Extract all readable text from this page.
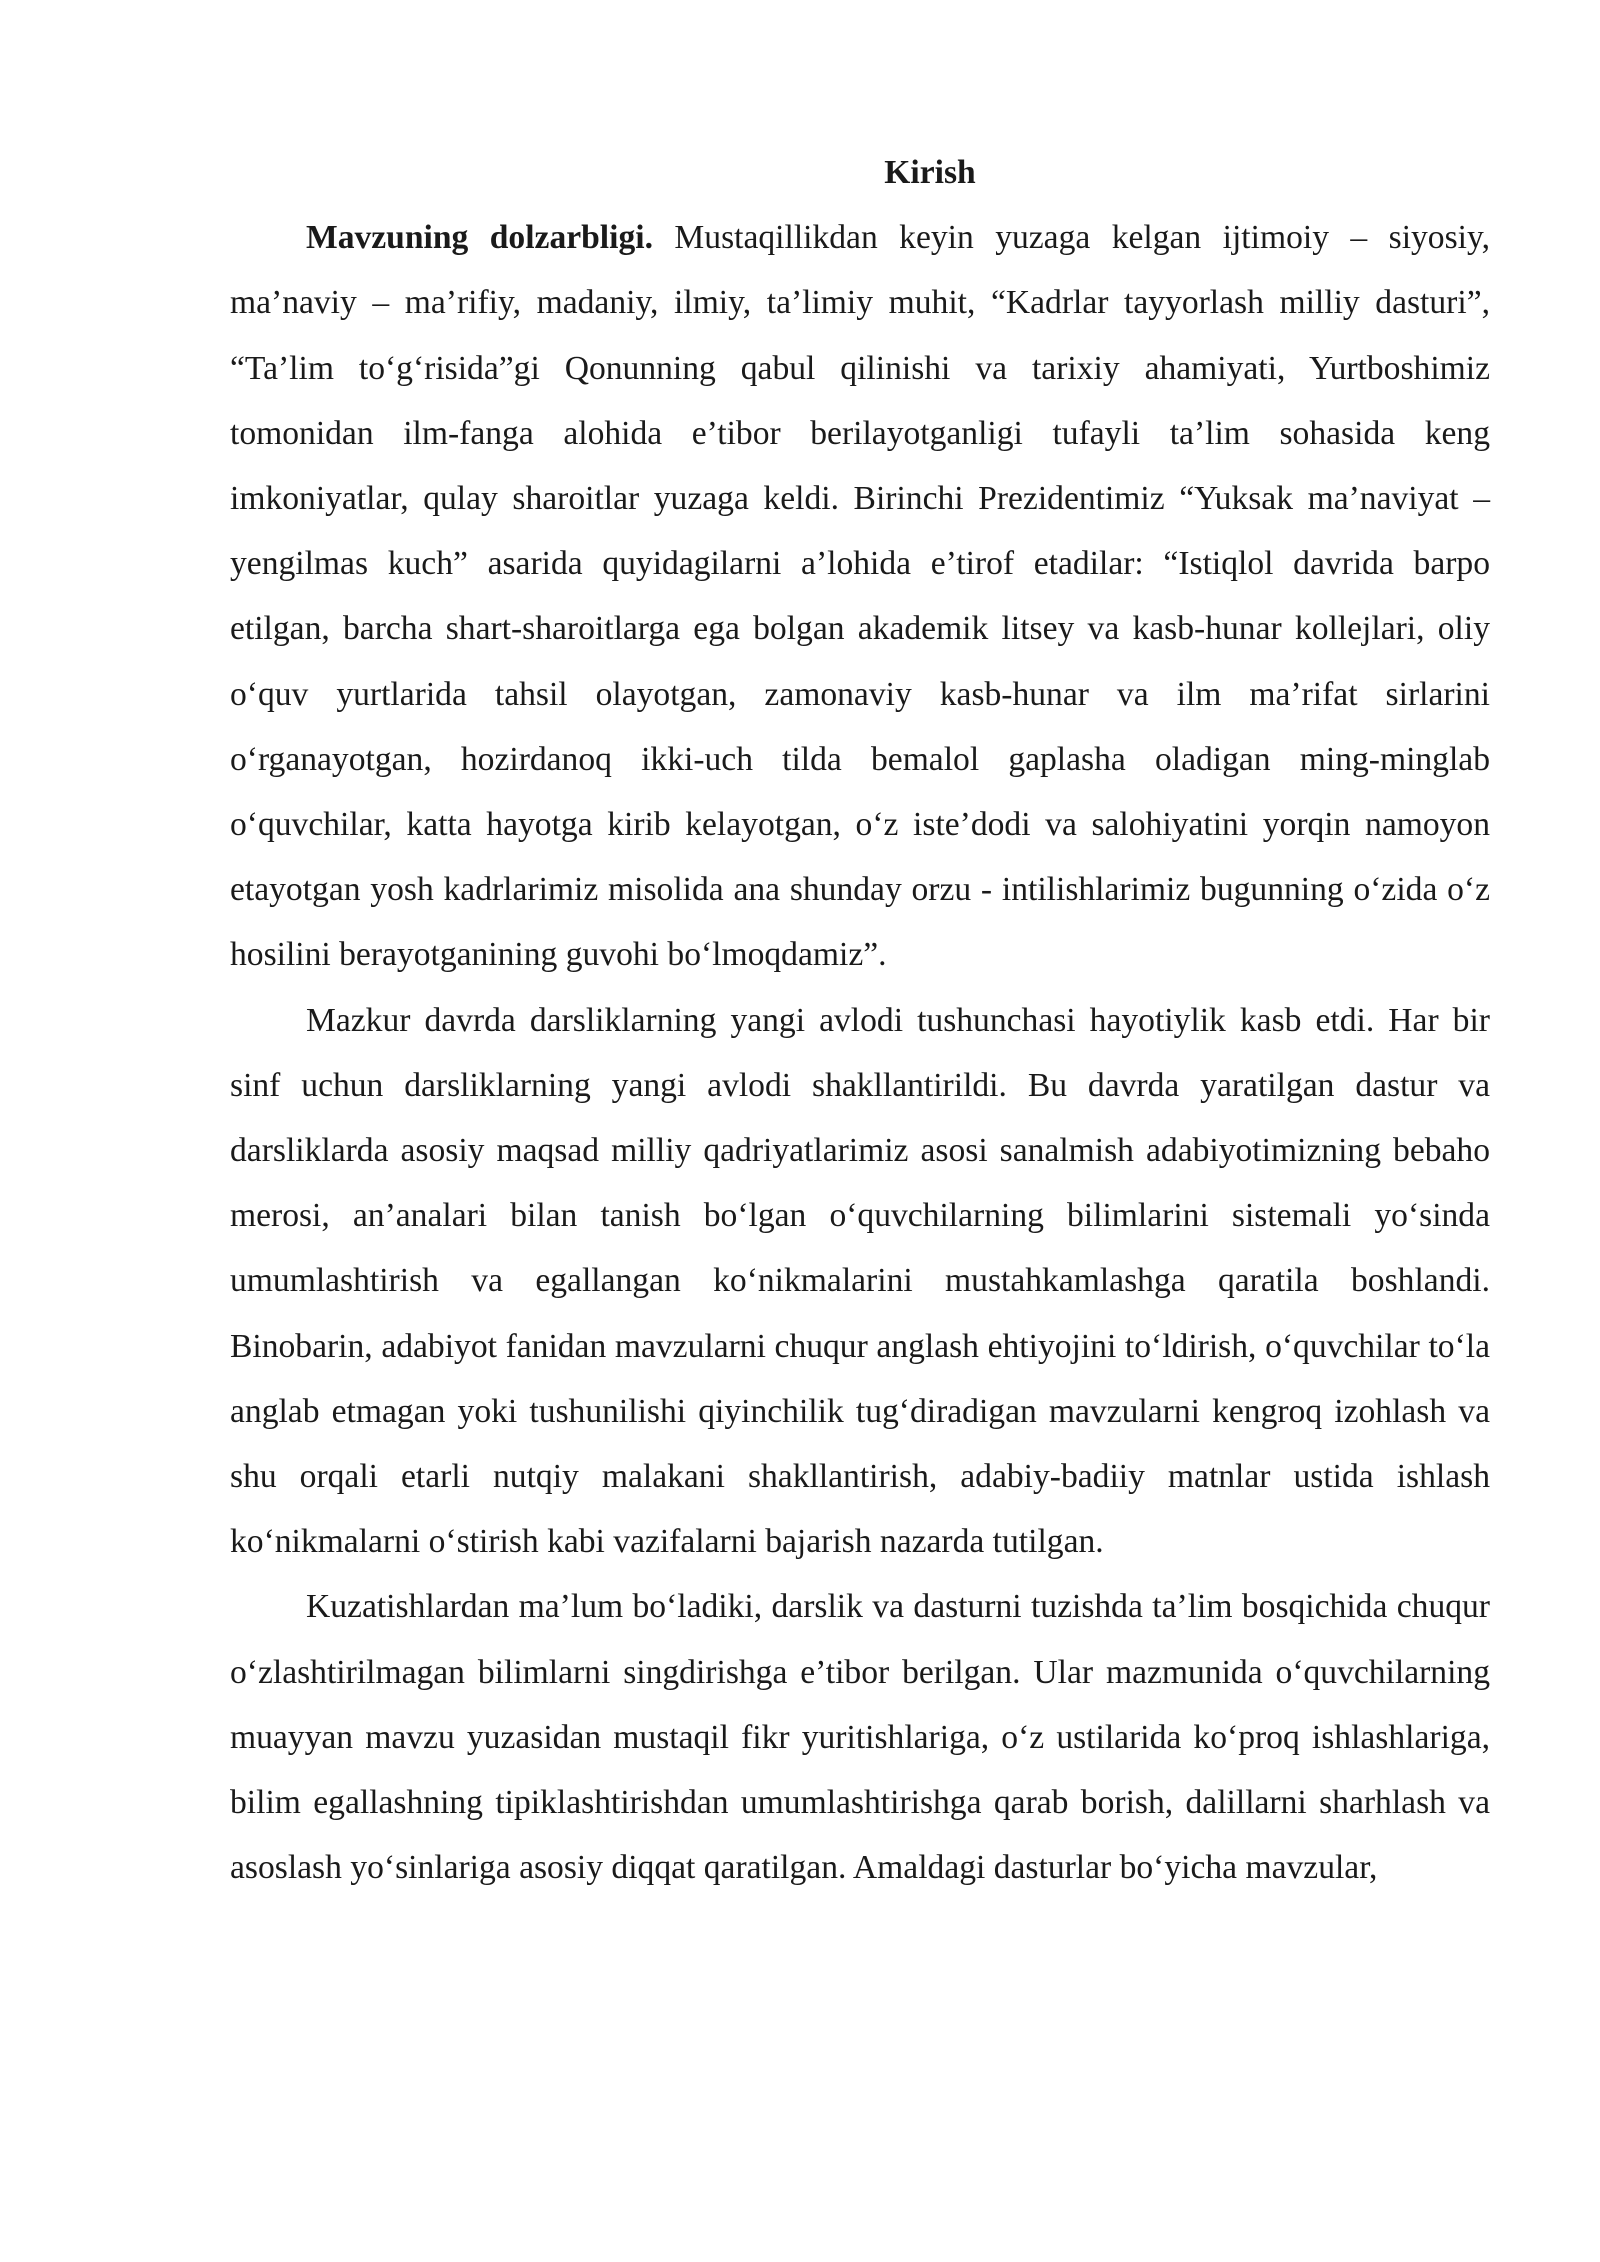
Kirish

Mavzuning dolzarbligi. Mustaqillikdan keyin yuzaga kelgan ijtimoiy – siyosiy, ma’naviy – ma’rifiy, madaniy, ilmiy, ta’limiy muhit, “Kadrlar tayyorlash milliy dasturi”, “Ta’lim to‘g‘risida”gi Qonunning qabul qilinishi va tarixiy ahamiyati, Yurtboshimiz tomonidan ilm-fanga alohida e’tibor berilayotganligi tufayli ta’lim sohasida keng imkoniyatlar, qulay sharoitlar yuzaga keldi. Birinchi Prezidentimiz “Yuksak ma’naviyat – yengilmas kuch” asarida quyidagilarni a’lohida e’tirof etadilar: “Istiqlol davrida barpo etilgan, barcha shart-sharoitlarga ega bolgan akademik litsey va kasb-hunar kollejlari, oliy o‘quv yurtlarida tahsil olayotgan, zamonaviy kasb-hunar va ilm ma’rifat sirlarini o‘rganayotgan, hozirdanoq ikki-uch tilda bemalol gaplasha oladigan ming-minglab o‘quvchilar, katta hayotga kirib kelayotgan, o‘z iste’dodi va salohiyatini yorqin namoyon etayotgan yosh kadrlarimiz misolida ana shunday orzu - intilishlarimiz bugunning o‘zida o‘z hosilini berayotganining guvohi bo‘lmoqdamiz”.

Mazkur davrda darsliklarning yangi avlodi tushunchasi hayotiylik kasb etdi. Har bir sinf uchun darsliklarning yangi avlodi shakllantirildi. Bu davrda yaratilgan dastur va darsliklarda asosiy maqsad milliy qadriyatlarimiz asosi sanalmish adabiyotimizning bebaho merosi, an’analari bilan tanish bo‘lgan o‘quvchilarning bilimlarini sistemali yo‘sinda umumlashtirish va egallangan ko‘nikmalarini mustahkamlashga qaratila boshlandi. Binobarin, adabiyot fanidan mavzularni chuqur anglash ehtiyojini to‘ldirish, o‘quvchilar to‘la anglab etmagan yoki tushunilishi qiyinchilik tug‘diradigan mavzularni kengroq izohlash va shu orqali etarli nutqiy malakani shakllantirish, adabiy-badiiy matnlar ustida ishlash ko‘nikmalarni o‘stirish kabi vazifalarni bajarish nazarda tutilgan.

Kuzatishlardan ma’lum bo‘ladiki, darslik va dasturni tuzishda ta’lim bosqichida chuqur o‘zlashtirilmagan bilimlarni singdirishga e’tibor berilgan. Ular mazmunida o‘quvchilarning muayyan mavzu yuzasidan mustaqil fikr yuritishlariga, o‘z ustilarida ko‘proq ishlashlariga, bilim egallashning tipiklashtirishdan umumlashtirishga qarab borish, dalillarni sharhlash va asoslash yo‘sinlariga asosiy diqqat qaratilgan. Amaldagi dasturlar bo‘yicha mavzular,
